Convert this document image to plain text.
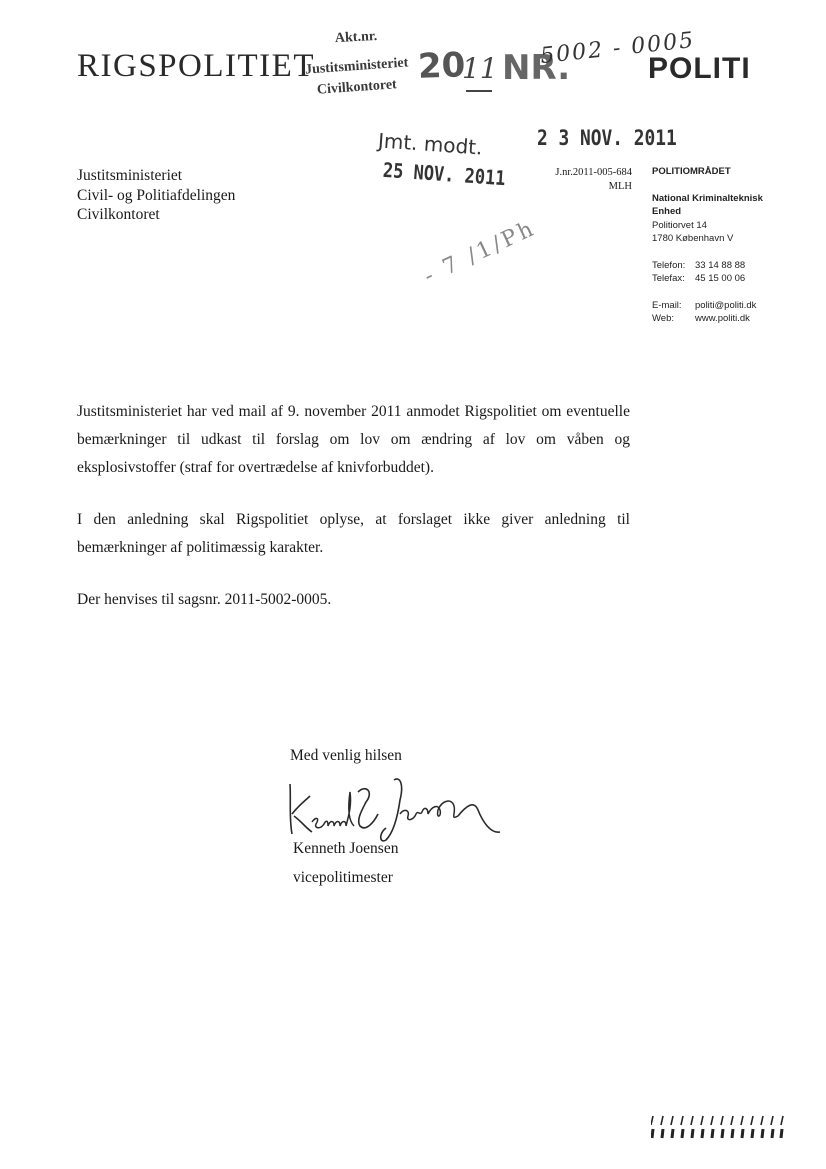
RIGSPOLITIET	POLITI
Akt.nr.
Justitsministeriet
Civilkontoret
20
11 NR.
5002 - 0005
Jmt. modt.
25 NOV. 2011
2 3 NOV. 2011
- 7 /1/Ph
Justitsministeriet
Civil- og Politiafdelingen
Civilkontoret
J.nr.2011-005-684
MLH
POLITIOMRÅDET
National Kriminalteknisk
Enhed
Politiorvet 14
1780 København V
Telefon:	33 14 88 88
Telefax:	45 15 00 06
E-mail:	politi@politi.dk
Web:	www.politi.dk

Justitsministeriet har ved mail af 9. november 2011 anmodet Rigspolitiet om eventuelle bemærkninger til udkast til forslag om lov om ændring af lov om våben og eksplosivstoffer (straf for overtrædelse af knivforbuddet).

I den anledning skal Rigspolitiet oplyse, at forslaget ikke giver anledning til bemærkninger af politimæssig karakter.

Der henvises til sagsnr. 2011-5002-0005.

Med venlig hilsen
Kenneth Joensen
vicepolitimester
